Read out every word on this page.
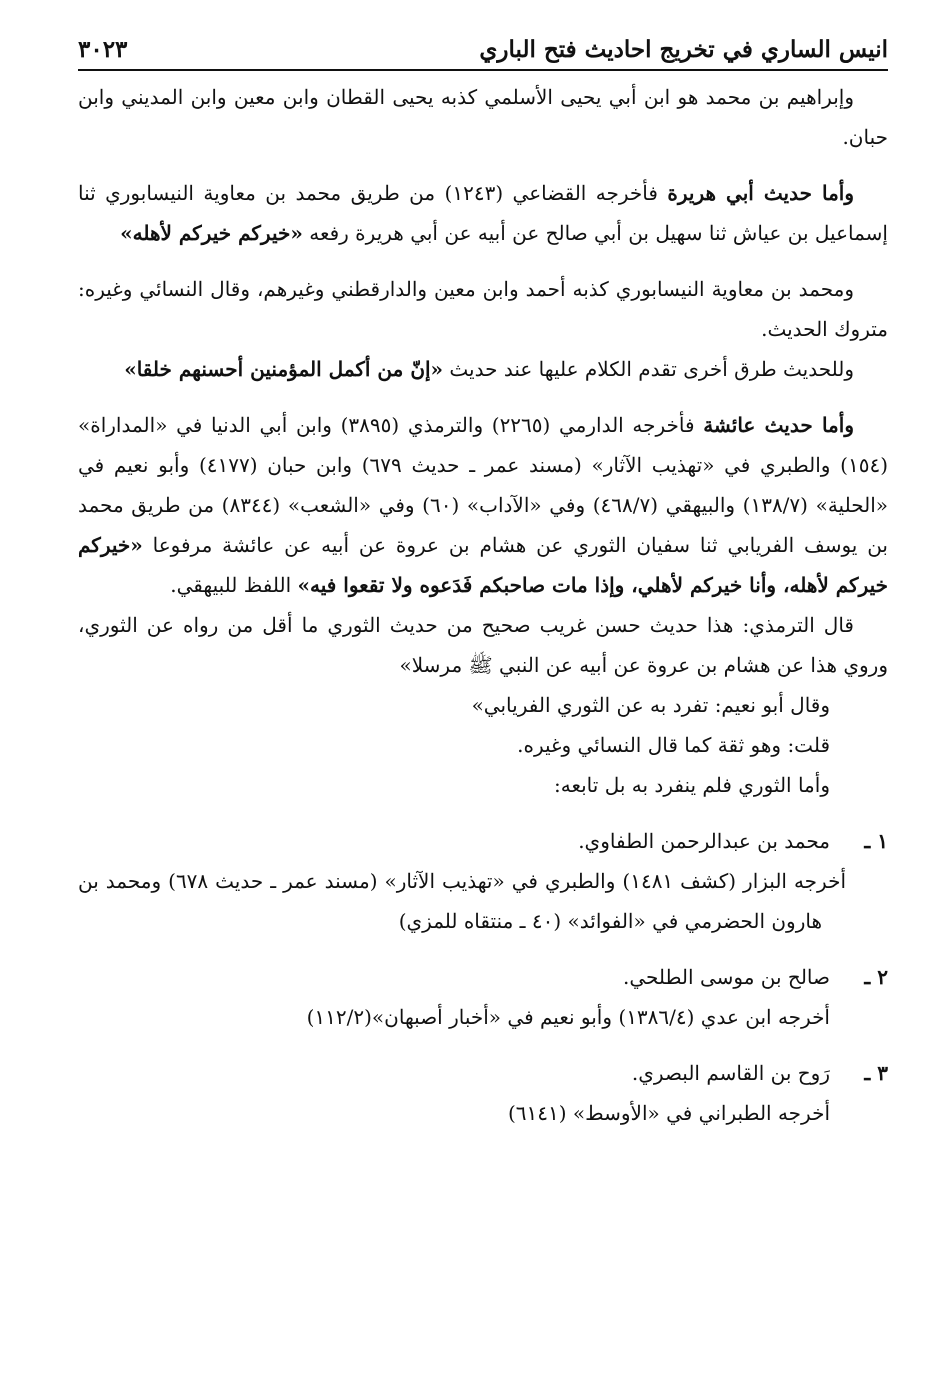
انيس الساري في تخريج احاديث فتح الباري
٣٠٢٣

وإبراهيم بن محمد هو ابن أبي يحيى الأسلمي كذبه يحيى القطان وابن معين وابن المديني وابن حبان.

وأما حديث أبي هريرة فأخرجه القضاعي (١٢٤٣) من طريق محمد بن معاوية النيسابوري ثنا إسماعيل بن عياش ثنا سهيل بن أبي صالح عن أبيه عن أبي هريرة رفعه «خيركم خيركم لأهله»

ومحمد بن معاوية النيسابوري كذبه أحمد وابن معين والدارقطني وغيرهم، وقال النسائي وغيره: متروك الحديث.

وللحديث طرق أخرى تقدم الكلام عليها عند حديث «إنّ من أكمل المؤمنين أحسنهم خلقا»

وأما حديث عائشة فأخرجه الدارمي (٢٢٦٥) والترمذي (٣٨٩٥) وابن أبي الدنيا في «المداراة» (١٥٤) والطبري في «تهذيب الآثار» (مسند عمر ـ حديث ٦٧٩) وابن حبان (٤١٧٧) وأبو نعيم في «الحلية» (١٣٨/٧) والبيهقي (٤٦٨/٧) وفي «الآداب» (٦٠) وفي «الشعب» (٨٣٤٤) من طريق محمد بن يوسف الفريابي ثنا سفيان الثوري عن هشام بن عروة عن أبيه عن عائشة مرفوعا «خيركم خيركم لأهله، وأنا خيركم لأهلي، وإذا مات صاحبكم فَدَعوه ولا تقعوا فيه» اللفظ للبيهقي.

قال الترمذي: هذا حديث حسن غريب صحيح من حديث الثوري ما أقل من رواه عن الثوري، وروي هذا عن هشام بن عروة عن أبيه عن النبي ﷺ مرسلا»

وقال أبو نعيم: تفرد به عن الثوري الفريابي»

قلت: وهو ثقة كما قال النسائي وغيره.

وأما الثوري فلم ينفرد به بل تابعه:

١ ـمحمد بن عبدالرحمن الطفاوي.

أخرجه البزار (كشف ١٤٨١) والطبري في «تهذيب الآثار» (مسند عمر ـ حديث ٦٧٨) ومحمد بن هارون الحضرمي في «الفوائد» (٤٠ ـ منتقاه للمزي)

٢ ـصالح بن موسى الطلحي.

أخرجه ابن عدي (١٣٨٦/٤) وأبو نعيم في «أخبار أصبهان»(١١٢/٢)

٣ ـرَوح بن القاسم البصري.

أخرجه الطبراني في «الأوسط» (٦١٤١)
